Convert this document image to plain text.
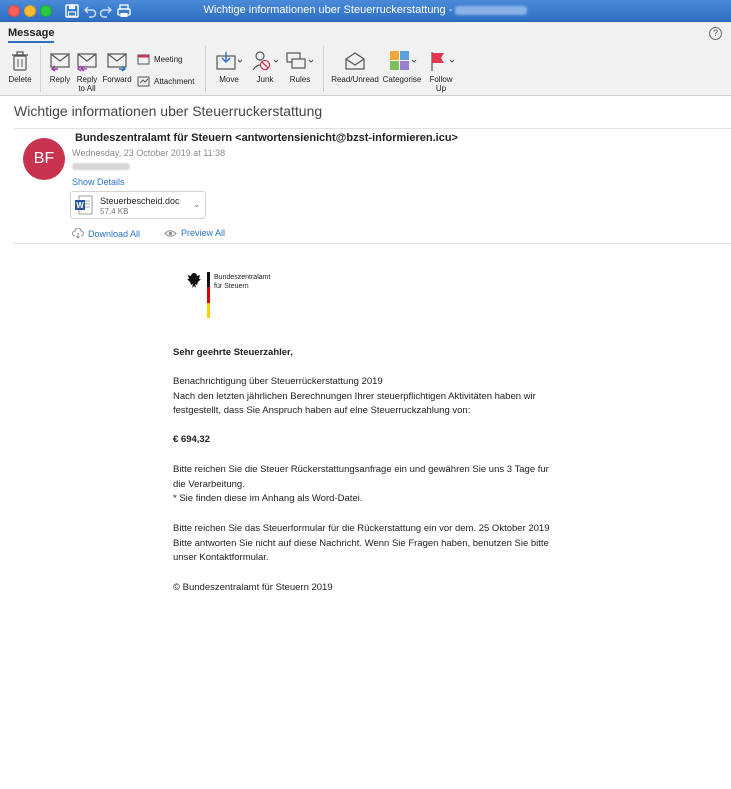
Wichtige informationen uber Steuerruckerstattung -
Message	?
Delete	Reply Reply
to All
Forward
Meeting
Attachment	Move	Junk	Rules	Read/Unread Categorise	Follow
Up
Wichtige informationen uber Steuerruckerstattung
BF
Bundeszentralamt für Steuern <antwortensienicht@bzst-informieren.icu>
Wednesday, 23 October 2019 at 11:38
Show Details
W Steuerbescheid.doc
57.4 KB
⌄
Download All	Preview All
Bundeszentralamt
für Steuern
Sehr geehrte Steuerzahler,
Benachrichtigung über Steuerrückerstattung 2019
Nach den letzten jährlichen Berechnungen Ihrer steuerpflichtigen Aktivitäten haben wir
festgestellt, dass Sie Anspruch haben auf elne Steuerruckzahlung von:
€ 694,32
Bitte reichen Sie die Steuer Rückerstattungsanfrage ein und gewähren Sie uns 3 Tage fur
die Verarbeitung.
* Sie finden diese im Anhang als Word-Datei.
Bitte reichen Sie das Steuerformular für die Rückerstattung ein vor dem. 25 Oktober 2019
Bitte antworten Sie nicht auf diese Nachricht. Wenn Sie Fragen haben, benutzen Sie bitte
unser Kontaktformular.
© Bundeszentralamt für Steuern 2019
